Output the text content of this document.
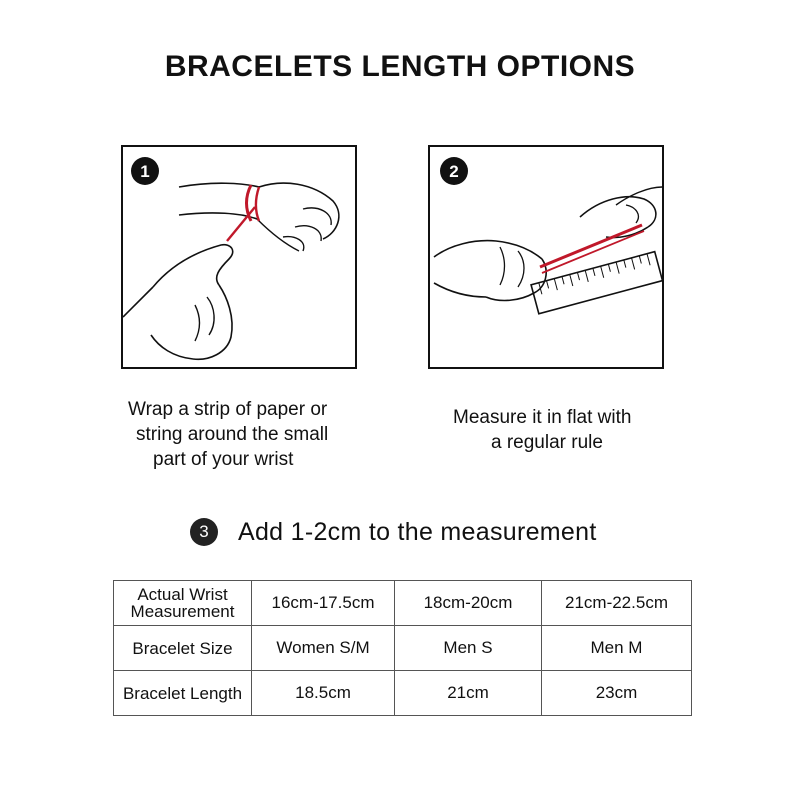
BRACELETS LENGTH OPTIONS
1	2
Wrap a strip of paper or
string around the small
part of your wrist
Measure it in flat with
a regular rule
3	Add 1-2cm to the measurement
Actual Wrist Measurement	16cm-17.5cm	18cm-20cm	21cm-22.5cm
Bracelet Size	Women S/M	Men S	Men M
Bracelet Length	18.5cm	21cm	23cm
